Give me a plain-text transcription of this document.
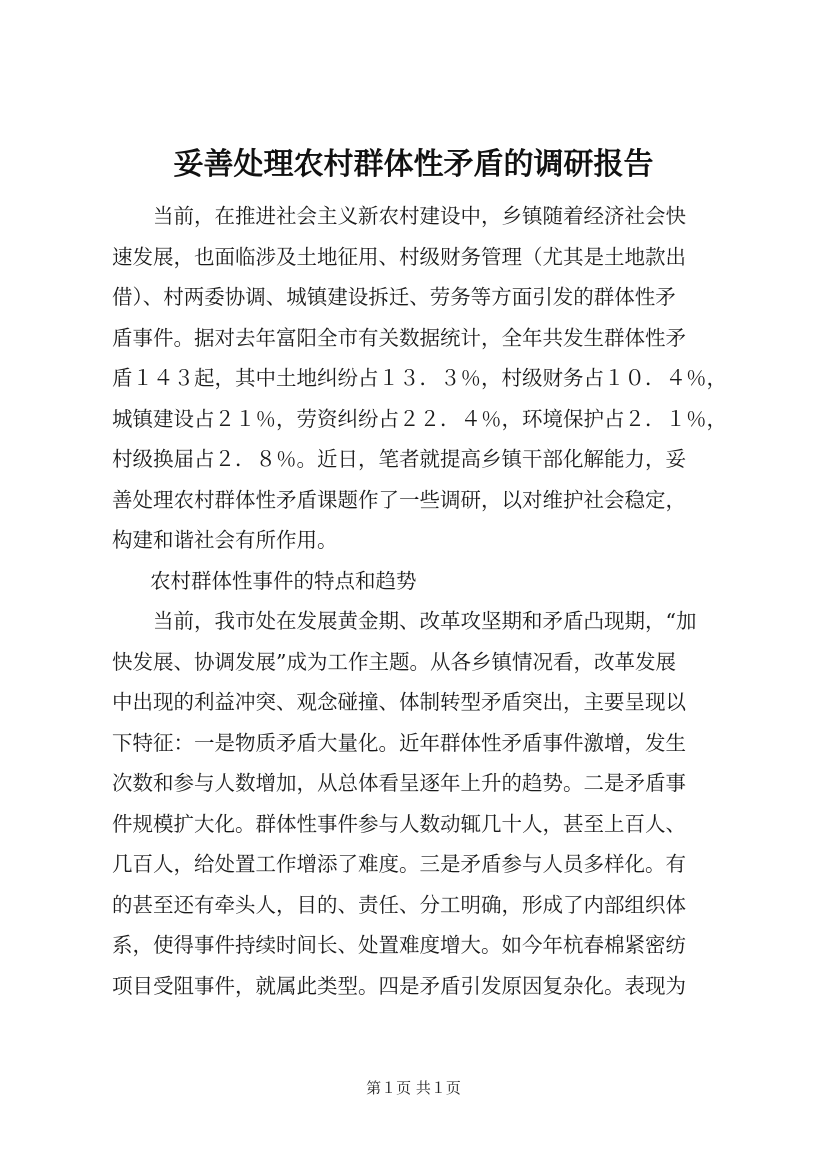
妥善处理农村群体性矛盾的调研报告

当前，在推进社会主义新农村建设中，乡镇随着经济社会快

速发展，也面临涉及土地征用、村级财务管理（尤其是土地款出

借）、村两委协调、城镇建设拆迁、劳务等方面引发的群体性矛

盾事件。据对去年富阳全市有关数据统计，全年共发生群体性矛

盾１４３起，其中土地纠纷占１３．３％，村级财务占１０．４％，

城镇建设占２１％，劳资纠纷占２２．４％，环境保护占２．１％，

村级换届占２．８％。近日，笔者就提高乡镇干部化解能力，妥

善处理农村群体性矛盾课题作了一些调研，以对维护社会稳定，

构建和谐社会有所作用。

农村群体性事件的特点和趋势

当前，我市处在发展黄金期、改革攻坚期和矛盾凸现期，“加

快发展、协调发展”成为工作主题。从各乡镇情况看，改革发展

中出现的利益冲突、观念碰撞、体制转型矛盾突出，主要呈现以

下特征：一是物质矛盾大量化。近年群体性矛盾事件激增，发生

次数和参与人数增加，从总体看呈逐年上升的趋势。二是矛盾事

件规模扩大化。群体性事件参与人数动辄几十人，甚至上百人、

几百人，给处置工作增添了难度。三是矛盾参与人员多样化。有

的甚至还有牵头人，目的、责任、分工明确，形成了内部组织体

系，使得事件持续时间长、处置难度增大。如今年杭春棉紧密纺

项目受阻事件，就属此类型。四是矛盾引发原因复杂化。表现为

第１页 共１页
